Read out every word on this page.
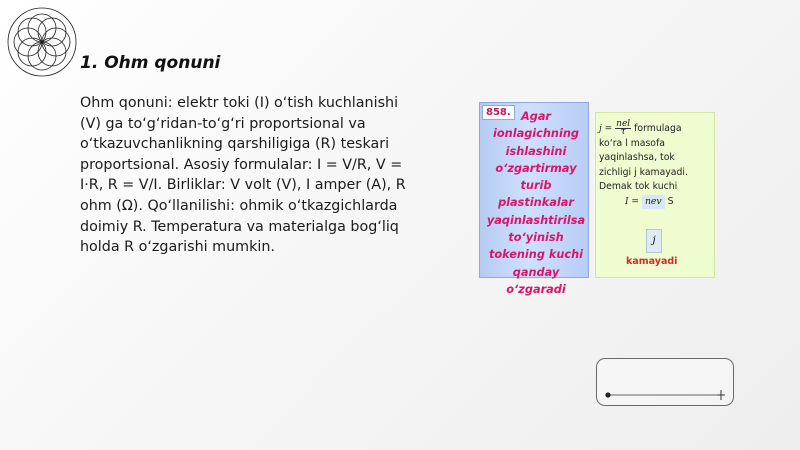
1. Ohm qonuni
Ohm qonuni: elektr toki (I) o‘tish kuchlanishi (V) ga to‘g‘ridan-to‘g‘ri proportsional va o‘tkazuvchanlikning qarshiligiga (R) teskari proportsional. Asosiy formulalar: I = V/R, V = I·R, R = V/I. Birliklar: V volt (V), I amper (A), R ohm (Ω). Qo‘llanilishi: ohmik o‘tkazgichlarda doimiy R. Temperatura va materialga bog‘liq holda R o‘zgarishi mumkin.
Agar
ionlagichning
ishlashini
o‘zgartirmay
turib
plastinkalar
yaqinlashtirilsa
to‘yinish
tokening kuchi
qanday o‘zgaradi
858.
$j = \frac{\text{nel}}{\tau}$ formulaga
ko‘ra l masofa
yaqinlashsa, tok
zichligi j kamayadi.
Demak tok kuchi
I = nev S
j
kamayadi
